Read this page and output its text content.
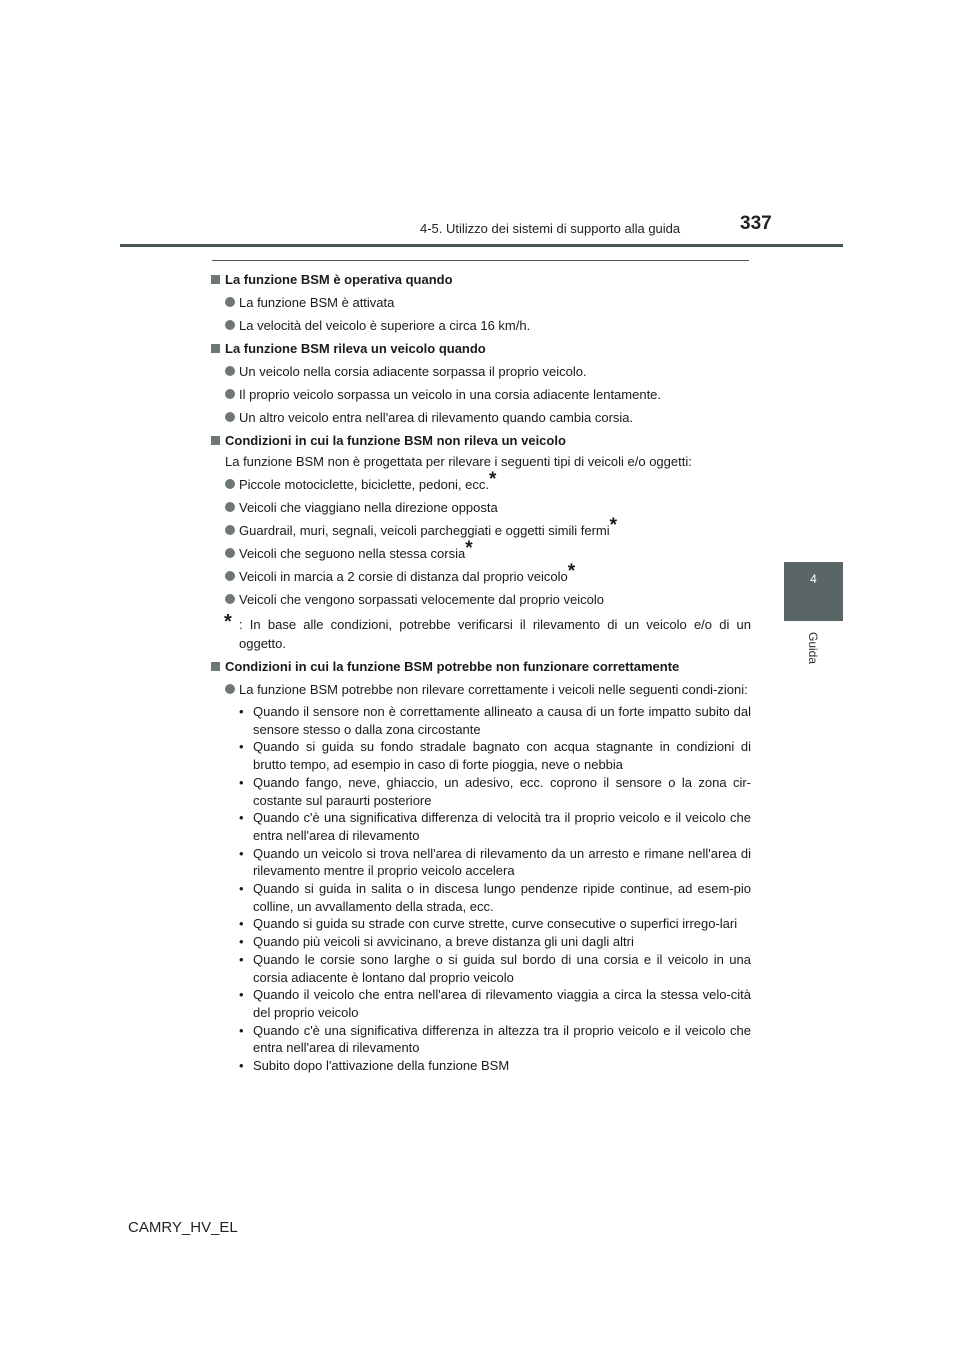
4-5. Utilizzo dei sistemi di supporto alla guida	337
4
Guida
La funzione BSM è operativa quando
La funzione BSM è attivata
La velocità del veicolo è superiore a circa 16 km/h.
La funzione BSM rileva un veicolo quando
Un veicolo nella corsia adiacente sorpassa il proprio veicolo.
Il proprio veicolo sorpassa un veicolo in una corsia adiacente lentamente.
Un altro veicolo entra nell'area di rilevamento quando cambia corsia.
Condizioni in cui la funzione BSM non rileva un veicolo
La funzione BSM non è progettata per rilevare i seguenti tipi di veicoli e/o oggetti:
Piccole motociclette, biciclette, pedoni, ecc.*
Veicoli che viaggiano nella direzione opposta
Guardrail, muri, segnali, veicoli parcheggiati e oggetti simili fermi*
Veicoli che seguono nella stessa corsia*
Veicoli in marcia a 2 corsie di distanza dal proprio veicolo*
Veicoli che vengono sorpassati velocemente dal proprio veicolo
* : In base alle condizioni, potrebbe verificarsi il rilevamento di un veicolo e/o di un oggetto.
Condizioni in cui la funzione BSM potrebbe non funzionare correttamente
La funzione BSM potrebbe non rilevare correttamente i veicoli nelle seguenti condi-zioni:
• Quando il sensore non è correttamente allineato a causa di un forte impatto subito dal sensore stesso o dalla zona circostante
• Quando si guida su fondo stradale bagnato con acqua stagnante in condizioni di brutto tempo, ad esempio in caso di forte pioggia, neve o nebbia
• Quando fango, neve, ghiaccio, un adesivo, ecc. coprono il sensore o la zona cir-costante sul paraurti posteriore
• Quando c'è una significativa differenza di velocità tra il proprio veicolo e il veicolo che entra nell'area di rilevamento
• Quando un veicolo si trova nell'area di rilevamento da un arresto e rimane nell'area di rilevamento mentre il proprio veicolo accelera
• Quando si guida in salita o in discesa lungo pendenze ripide continue, ad esem-pio colline, un avvallamento della strada, ecc.
• Quando si guida su strade con curve strette, curve consecutive o superfici irrego-lari
• Quando più veicoli si avvicinano, a breve distanza gli uni dagli altri
• Quando le corsie sono larghe o si guida sul bordo di una corsia e il veicolo in una corsia adiacente è lontano dal proprio veicolo
• Quando il veicolo che entra nell'area di rilevamento viaggia a circa la stessa velo-cità del proprio veicolo
• Quando c'è una significativa differenza in altezza tra il proprio veicolo e il veicolo che entra nell'area di rilevamento
• Subito dopo l'attivazione della funzione BSM
CAMRY_HV_EL
